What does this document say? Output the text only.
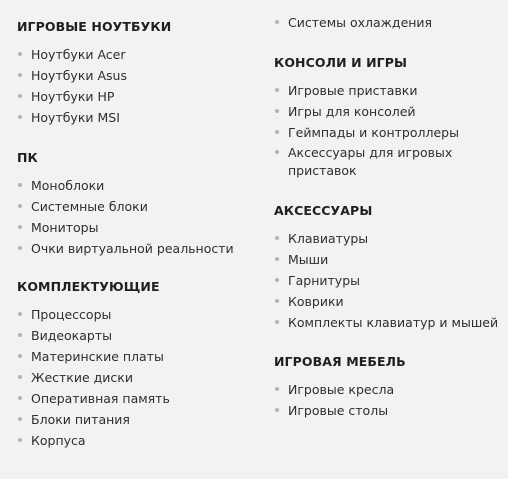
ИГРОВЫЕ НОУТБУКИ
Ноутбуки Acer
Ноутбуки Asus
Ноутбуки HP
Ноутбуки MSI
ПК
Моноблоки
Системные блоки
Мониторы
Очки виртуальной реальности
КОМПЛЕКТУЮЩИЕ
Процессоры
Видеокарты
Материнские платы
Жесткие диски
Оперативная память
Блоки питания
Корпуса
Системы охлаждения
КОНСОЛИ И ИГРЫ
Игровые приставки
Игры для консолей
Геймпады и контроллеры
Аксессуары для игровых приставок
АКСЕССУАРЫ
Клавиатуры
Мыши
Гарнитуры
Коврики
Комплекты клавиатур и мышей
ИГРОВАЯ МЕБЕЛЬ
Игровые кресла
Игровые столы
